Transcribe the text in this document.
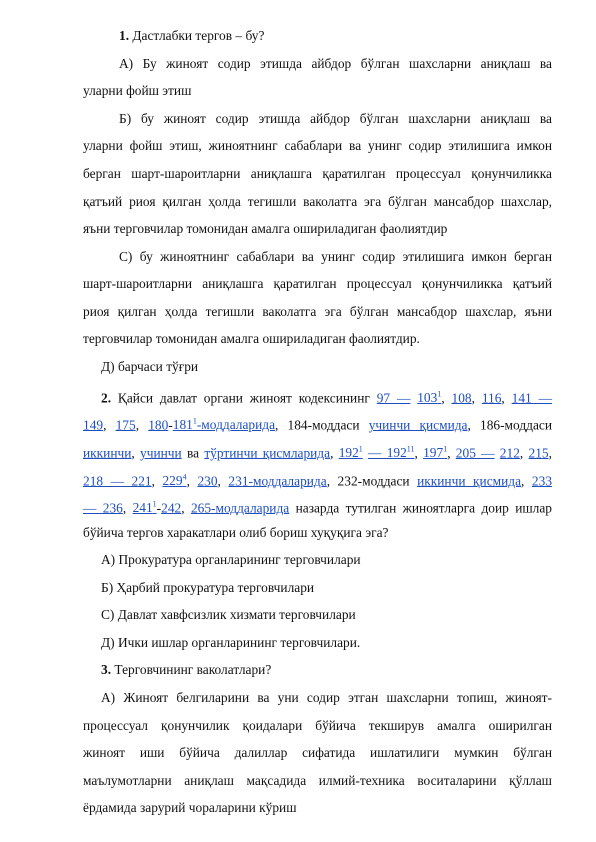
1. Дастлабки тергов – бу?
А) Бу жиноят содир этишда айбдор бўлган шахсларни аниқлаш ва
уларни фойш этиш
Б) бу жиноят содир этишда айбдор бўлган шахсларни аниқлаш ва
уларни фойш этиш, жиноятнинг сабаблари ва унинг содир этилишига имкон
берган шарт-шароитларни аниқлашга қаратилган процессуал қонунчиликка
қатъий риоя қилган ҳолда тегишли ваколатга эга бўлган мансабдор шахслар,
яъни терговчилар томонидан амалга ошириладиган фаолиятдир
С) бу жиноятнинг сабаблари ва унинг содир этилишига имкон берган
шарт-шароитларни аниқлашга қаратилган процессуал қонунчиликка қатъий
риоя қилган ҳолда тегишли ваколатга эга бўлган мансабдор шахслар, яъни
терговчилар томонидан амалга ошириладиган фаолиятдир.
Д) барчаси тўғри
2. Қайси давлат органи жиноят кодексининг 97 — $103^1$, 108, 116, 141 —
149, 175, $180-181^1$-моддаларида, 184-моддаси учинчи қисмида, 186-моддаси
иккинчи, учинчи ва тўртинчи қисмларида, $192^1$ — $192^{11}$, $197^1$, 205 — 212, 215,
218 — 221, $229^4$, 230, 231-моддаларида, 232-моддаси иккинчи қисмида, 233
— 236, $241^1-242$, 265-моддаларида назарда тутилган жиноятларга доир ишлар
бўйича тергов харакатлари олиб бориш хуқуқига эга?
А) Прокуратура органларининг терговчилари
Б) Ҳарбий прокуратура терговчилари
С) Давлат хавфсизлик хизмати терговчилари
Д) Ички ишлар органларининг терговчилари.
3. Терговчининг ваколатлари?
А) Жиноят белгиларини ва уни содир этган шахсларни топиш, жиноят-
процессуал қонунчилик қоидалари бўйича текширув амалга оширилган
жиноят иши бўйича далиллар сифатида ишлатилиги мумкин бўлган
маълумотларни аниқлаш мақсадида илмий-техника воситаларини қўллаш
ёрдамида зарурий чораларини кўриш
